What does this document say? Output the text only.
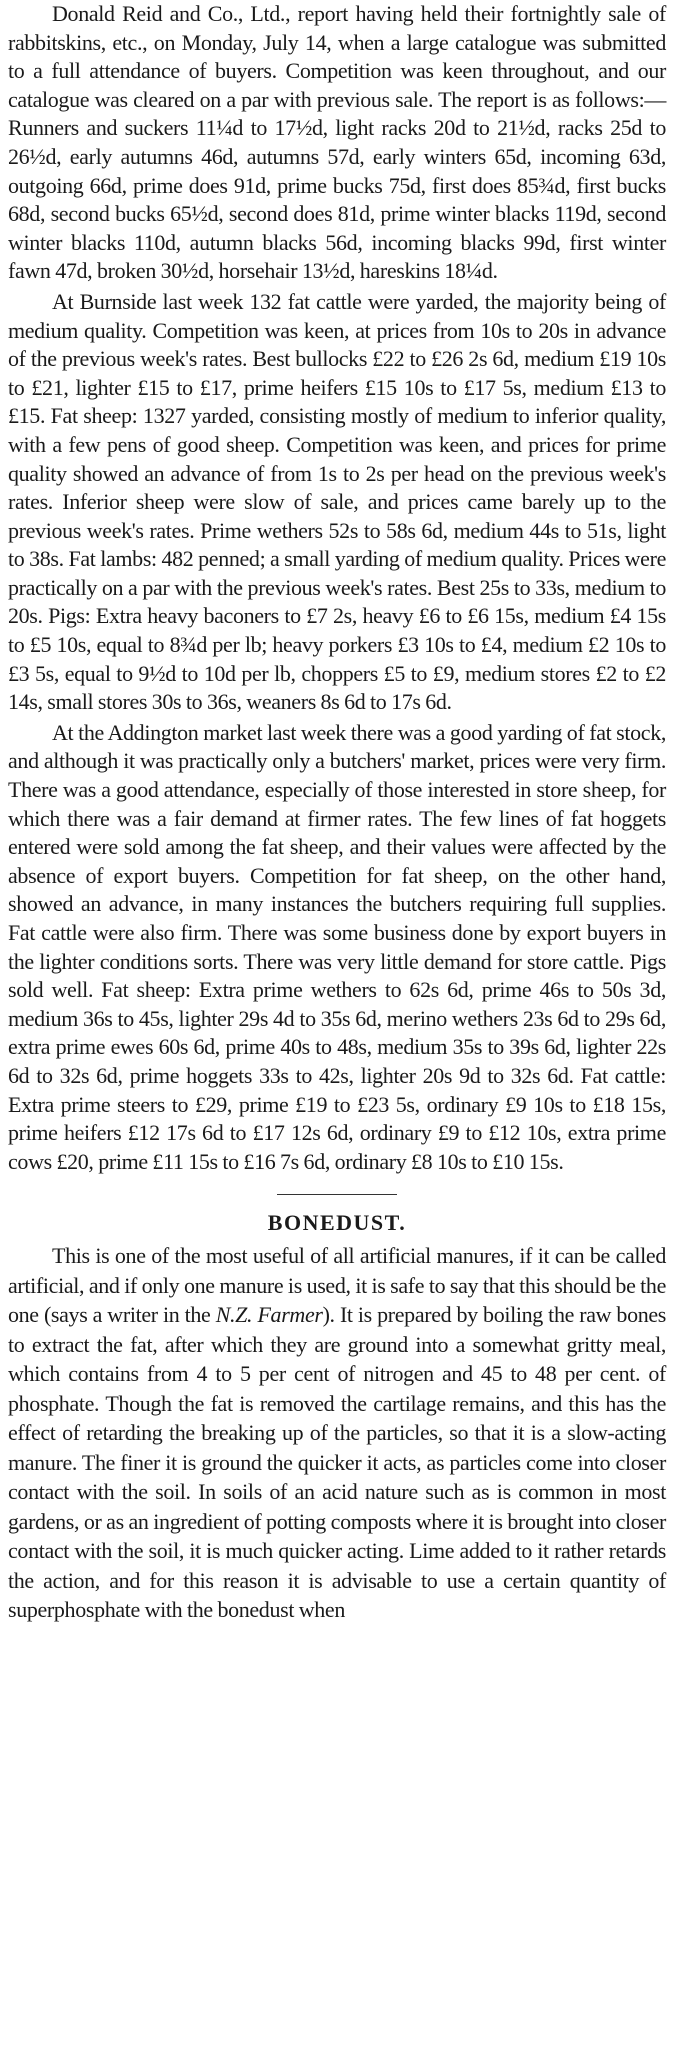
Donald Reid and Co., Ltd., report having held their fortnightly sale of rabbitskins, etc., on Monday, July 14, when a large catalogue was submitted to a full attendance of buyers. Competition was keen throughout, and our catalogue was cleared on a par with previous sale. The report is as follows:—Runners and suckers 11¼d to 17½d, light racks 20d to 21½d, racks 25d to 26½d, early autumns 46d, autumns 57d, early winters 65d, incoming 63d, outgoing 66d, prime does 91d, prime bucks 75d, first does 85¾d, first bucks 68d, second bucks 65½d, second does 81d, prime winter blacks 119d, second winter blacks 110d, autumn blacks 56d, incoming blacks 99d, first winter fawn 47d, broken 30½d, horsehair 13½d, hareskins 18¼d.

At Burnside last week 132 fat cattle were yarded, the majority being of medium quality. Competition was keen, at prices from 10s to 20s in advance of the previous week's rates. Best bullocks £22 to £26 2s 6d, medium £19 10s to £21, lighter £15 to £17, prime heifers £15 10s to £17 5s, medium £13 to £15. Fat sheep: 1327 yarded, consisting mostly of medium to inferior quality, with a few pens of good sheep. Competition was keen, and prices for prime quality showed an advance of from 1s to 2s per head on the previous week's rates. Inferior sheep were slow of sale, and prices came barely up to the previous week's rates. Prime wethers 52s to 58s 6d, medium 44s to 51s, light to 38s. Fat lambs: 482 penned; a small yarding of medium quality. Prices were practically on a par with the previous week's rates. Best 25s to 33s, medium to 20s. Pigs: Extra heavy baconers to £7 2s, heavy £6 to £6 15s, medium £4 15s to £5 10s, equal to 8¾d per lb; heavy porkers £3 10s to £4, medium £2 10s to £3 5s, equal to 9½d to 10d per lb, choppers £5 to £9, medium stores £2 to £2 14s, small stores 30s to 36s, weaners 8s 6d to 17s 6d.

At the Addington market last week there was a good yarding of fat stock, and although it was practically only a butchers' market, prices were very firm. There was a good attendance, especially of those interested in store sheep, for which there was a fair demand at firmer rates. The few lines of fat hoggets entered were sold among the fat sheep, and their values were affected by the absence of export buyers. Competition for fat sheep, on the other hand, showed an advance, in many instances the butchers requiring full supplies. Fat cattle were also firm. There was some business done by export buyers in the lighter conditions sorts. There was very little demand for store cattle. Pigs sold well. Fat sheep: Extra prime wethers to 62s 6d, prime 46s to 50s 3d, medium 36s to 45s, lighter 29s 4d to 35s 6d, merino wethers 23s 6d to 29s 6d, extra prime ewes 60s 6d, prime 40s to 48s, medium 35s to 39s 6d, lighter 22s 6d to 32s 6d, prime hoggets 33s to 42s, lighter 20s 9d to 32s 6d. Fat cattle: Extra prime steers to £29, prime £19 to £23 5s, ordinary £9 10s to £18 15s, prime heifers £12 17s 6d to £17 12s 6d, ordinary £9 to £12 10s, extra prime cows £20, prime £11 15s to £16 7s 6d, ordinary £8 10s to £10 15s.

BONEDUST.

This is one of the most useful of all artificial manures, if it can be called artificial, and if only one manure is used, it is safe to say that this should be the one (says a writer in the N.Z. Farmer). It is prepared by boiling the raw bones to extract the fat, after which they are ground into a somewhat gritty meal, which contains from 4 to 5 per cent of nitrogen and 45 to 48 per cent. of phosphate. Though the fat is removed the cartilage remains, and this has the effect of retarding the breaking up of the particles, so that it is a slow-acting manure. The finer it is ground the quicker it acts, as particles come into closer contact with the soil. In soils of an acid nature such as is common in most gardens, or as an ingredient of potting composts where it is brought into closer contact with the soil, it is much quicker acting. Lime added to it rather retards the action, and for this reason it is advisable to use a certain quantity of superphosphate with the bonedust when
